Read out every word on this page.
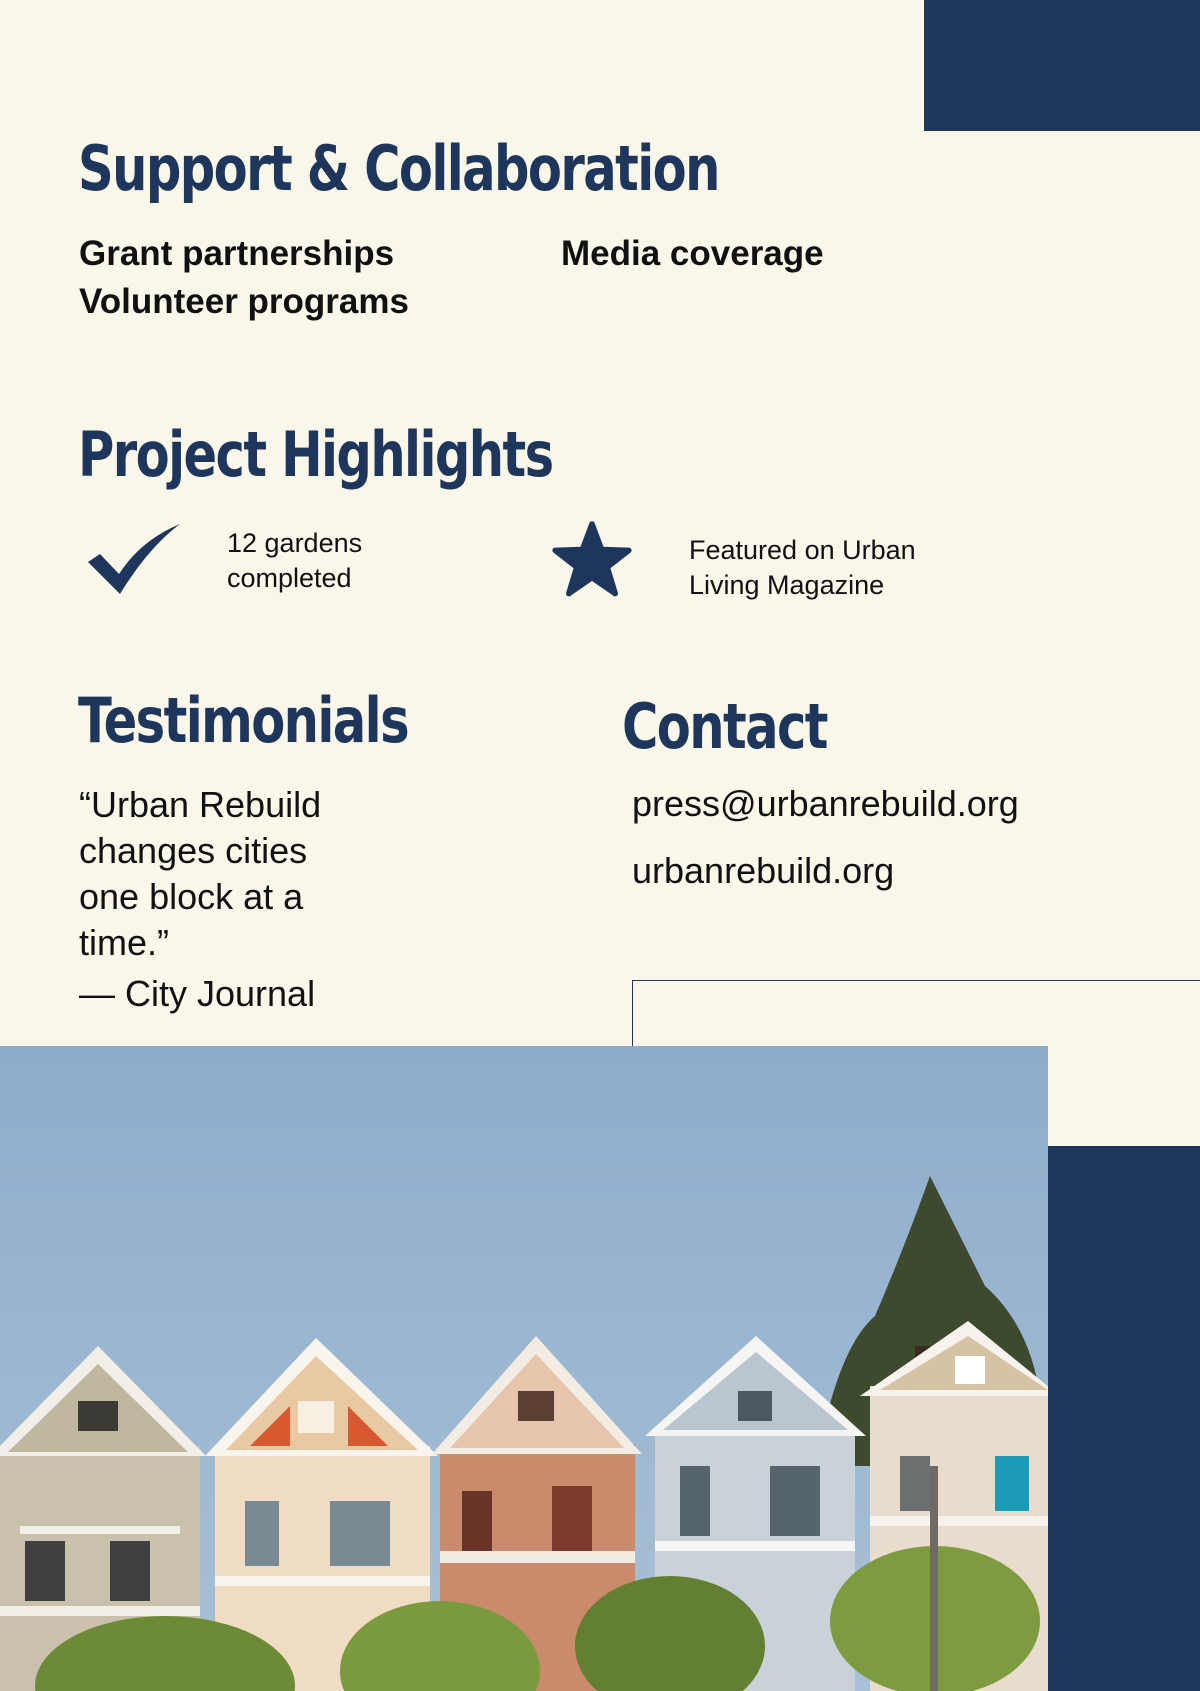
Support & Collaboration
Grant partnerships
Volunteer programs
Media coverage
Project Highlights
12 gardens completed
Featured on Urban Living Magazine
Testimonials
“Urban Rebuild changes cities one block at a time.”
— City Journal
Contact
press@urbanrebuild.org
urbanrebuild.org
